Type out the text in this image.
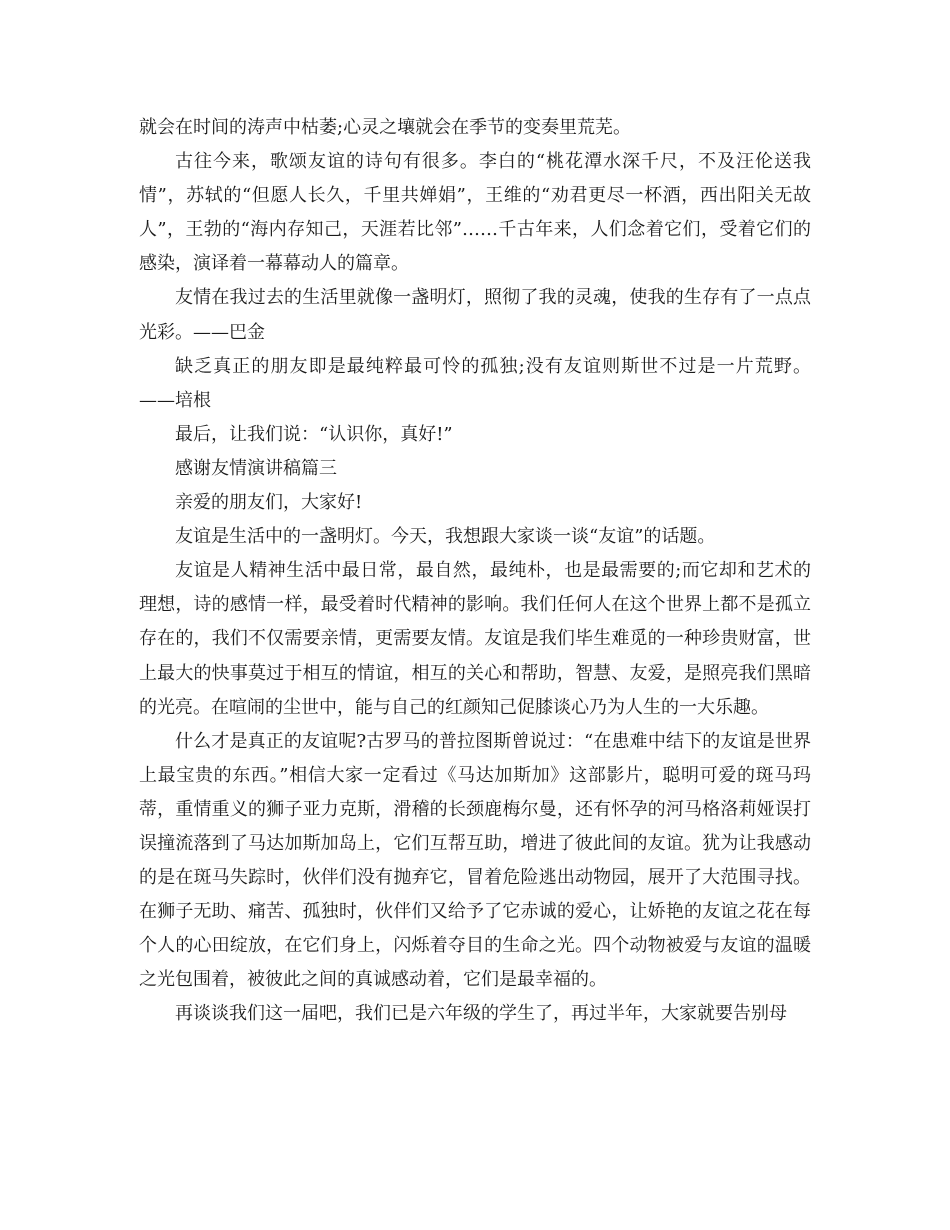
就会在时间的涛声中枯萎;心灵之壤就会在季节的变奏里荒芜。

古往今来，歌颂友谊的诗句有很多。李白的“桃花潭水深千尺，不及汪伦送我情”，苏轼的“但愿人长久，千里共婵娟”，王维的“劝君更尽一杯酒，西出阳关无故人”，王勃的“海内存知己，天涯若比邻”……千古年来，人们念着它们，受着它们的感染，演译着一幕幕动人的篇章。

友情在我过去的生活里就像一盏明灯，照彻了我的灵魂，使我的生存有了一点点光彩。——巴金

缺乏真正的朋友即是最纯粹最可怜的孤独;没有友谊则斯世不过是一片荒野。——培根

最后，让我们说：“认识你，真好!”

感谢友情演讲稿篇三

亲爱的朋友们，大家好!

友谊是生活中的一盏明灯。今天，我想跟大家谈一谈“友谊”的话题。

友谊是人精神生活中最日常，最自然，最纯朴，也是最需要的;而它却和艺术的理想，诗的感情一样，最受着时代精神的影响。我们任何人在这个世界上都不是孤立存在的，我们不仅需要亲情，更需要友情。友谊是我们毕生难觅的一种珍贵财富，世上最大的快事莫过于相互的情谊，相互的关心和帮助，智慧、友爱，是照亮我们黑暗的光亮。在喧闹的尘世中，能与自己的红颜知己促膝谈心乃为人生的一大乐趣。

什么才是真正的友谊呢?古罗马的普拉图斯曾说过：“在患难中结下的友谊是世界上最宝贵的东西。”相信大家一定看过《马达加斯加》这部影片，聪明可爱的斑马玛蒂，重情重义的狮子亚力克斯，滑稽的长颈鹿梅尔曼，还有怀孕的河马格洛莉娅误打误撞流落到了马达加斯加岛上，它们互帮互助，增进了彼此间的友谊。犹为让我感动的是在斑马失踪时，伙伴们没有抛弃它，冒着危险逃出动物园，展开了大范围寻找。在狮子无助、痛苦、孤独时，伙伴们又给予了它赤诚的爱心，让娇艳的友谊之花在每个人的心田绽放，在它们身上，闪烁着夺目的生命之光。四个动物被爱与友谊的温暖之光包围着，被彼此之间的真诚感动着，它们是最幸福的。

再谈谈我们这一届吧，我们已是六年级的学生了，再过半年，大家就要告别母
